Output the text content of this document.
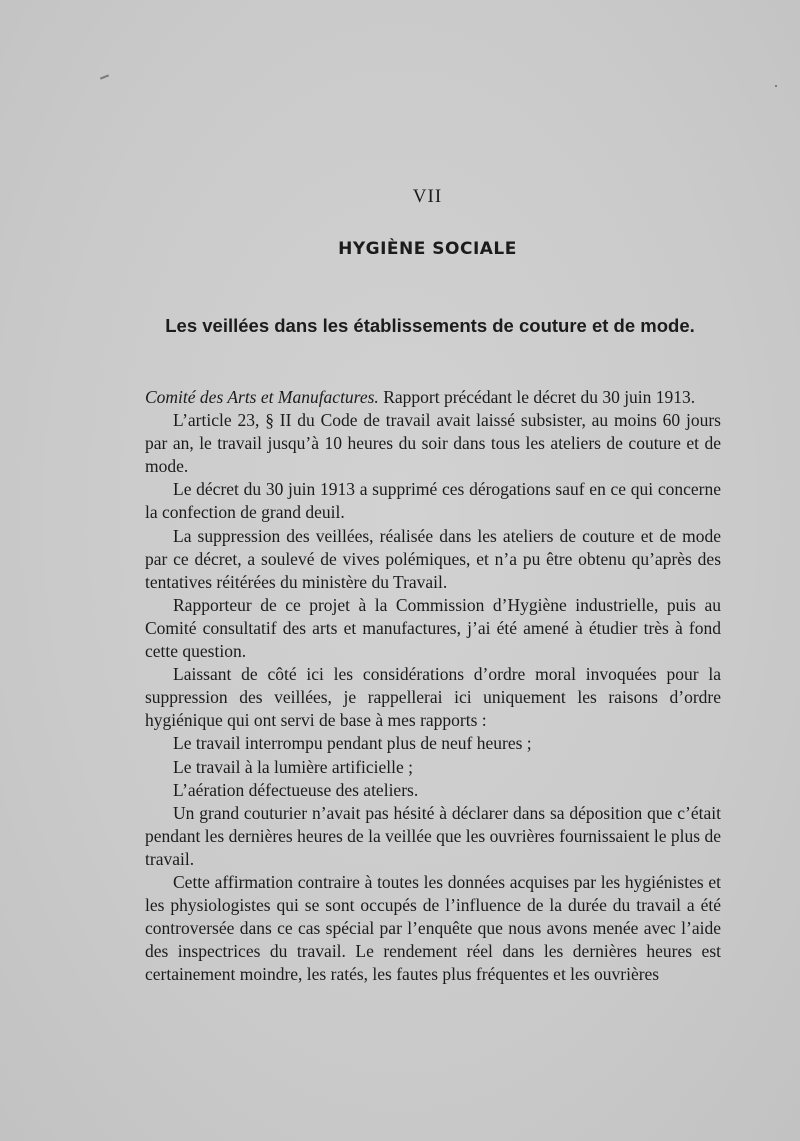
VII
HYGIÈNE SOCIALE
Les veillées dans les établissements de couture et de mode.

Comité des Arts et Manufactures. Rapport précédant le décret du 30 juin 1913.

L’article 23, § II du Code de travail avait laissé subsister, au moins 60 jours par an, le travail jusqu’à 10 heures du soir dans tous les ateliers de couture et de mode.

Le décret du 30 juin 1913 a supprimé ces dérogations sauf en ce qui concerne la confection de grand deuil.

La suppression des veillées, réalisée dans les ateliers de couture et de mode par ce décret, a soulevé de vives polémiques, et n’a pu être obtenu qu’après des tentatives réitérées du ministère du Travail.

Rapporteur de ce projet à la Commission d’Hygiène industrielle, puis au Comité consultatif des arts et manufactures, j’ai été amené à étudier très à fond cette question.

Laissant de côté ici les considérations d’ordre moral invoquées pour la suppression des veillées, je rappellerai ici uniquement les raisons d’ordre hygiénique qui ont servi de base à mes rapports :

Le travail interrompu pendant plus de neuf heures ;

Le travail à la lumière artificielle ;

L’aération défectueuse des ateliers.

Un grand couturier n’avait pas hésité à déclarer dans sa déposition que c’était pendant les dernières heures de la veillée que les ouvrières fournissaient le plus de travail.

Cette affirmation contraire à toutes les données acquises par les hygiénistes et les physiologistes qui se sont occupés de l’influence de la durée du travail a été controversée dans ce cas spécial par l’enquête que nous avons menée avec l’aide des inspectrices du travail. Le rendement réel dans les dernières heures est certainement moindre, les ratés, les fautes plus fréquentes et les ouvrières
